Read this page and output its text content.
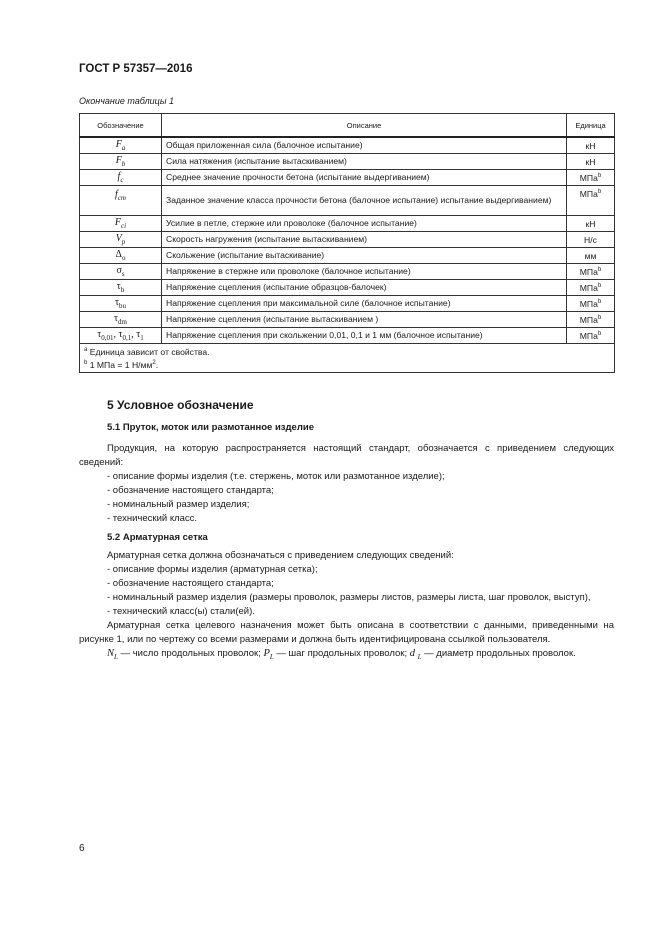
ГОСТ Р 57357—2016
Окончание таблицы 1
Обозначение	Описание	Единица
$F_a$	Общая приложенная сила (балочное испытание)	кН
$F_b$	Сила натяжения (испытание вытаскиванием)	кН
$f_c$	Среднее значение прочности бетона (испытание выдергиванием)	МПа$^b$
$f_{cm}$	Заданное значение класса прочности бетона (балочное испытание) испытание выдергиванием)	МПа$^b$
$F_{ci}$	Усилие в петле, стержне или проволоке (балочное испытание)	кН
$V_p$	Скорость нагружения (испытание вытаскиванием)	Н/с
$\Delta_o$	Скольжение (испытание вытаскивание)	мм
$\sigma_s$	Напряжение в стержне или проволоке (балочное испытание)	МПа$^b$
$\tau_b$	Напряжение сцепления (испытание образцов-балочек)	МПа$^b$
$\tau_{bu}$	Напряжение сцепления при максимальной силе (балочное испытание)	МПа$^b$
$\tau_{dm}$	Напряжение сцепления (испытание вытаскиванием )	МПа$^b$
$\tau_{0,01}$, $\tau_{0,1}$, $\tau_1$	Напряжение сцепления при скольжении 0,01, 0,1 и 1 мм (балочное испытание)	МПа$^b$

$^a$ Единица зависит от свойства.
$^b$ 1 МПа = 1 $Н/мм^2$.		
5 Условное обозначение
5.1 Пруток, моток или размотанное изделие

Продукция, на которую распространяется настоящий стандарт, обозначается с приведением следующих сведений:

- описание формы изделия (т.е. стержень, моток или размотанное изделие);

- обозначение настоящего стандарта;

- номинальный размер изделия;

- технический класс.

5.2 Арматурная сетка

Арматурная сетка должна обозначаться с приведением следующих сведений:

- описание формы изделия (арматурная сетка);

- обозначение настоящего стандарта;

- номинальный размер изделия (размеры проволок, размеры листов, размеры листа, шаг проволок, выступ),

- технический класс(ы) стали(ей).

Арматурная сетка целевого назначения может быть описана в соответствии с данными, приведенными на рисунке 1, или по чертежу со всеми размерами и должна быть идентифицирована ссылкой пользователя.

$N_L$ — число продольных проволок; $P_L$ — шаг продольных проволок; d $_L$ — диаметр продольных проволок.

6
